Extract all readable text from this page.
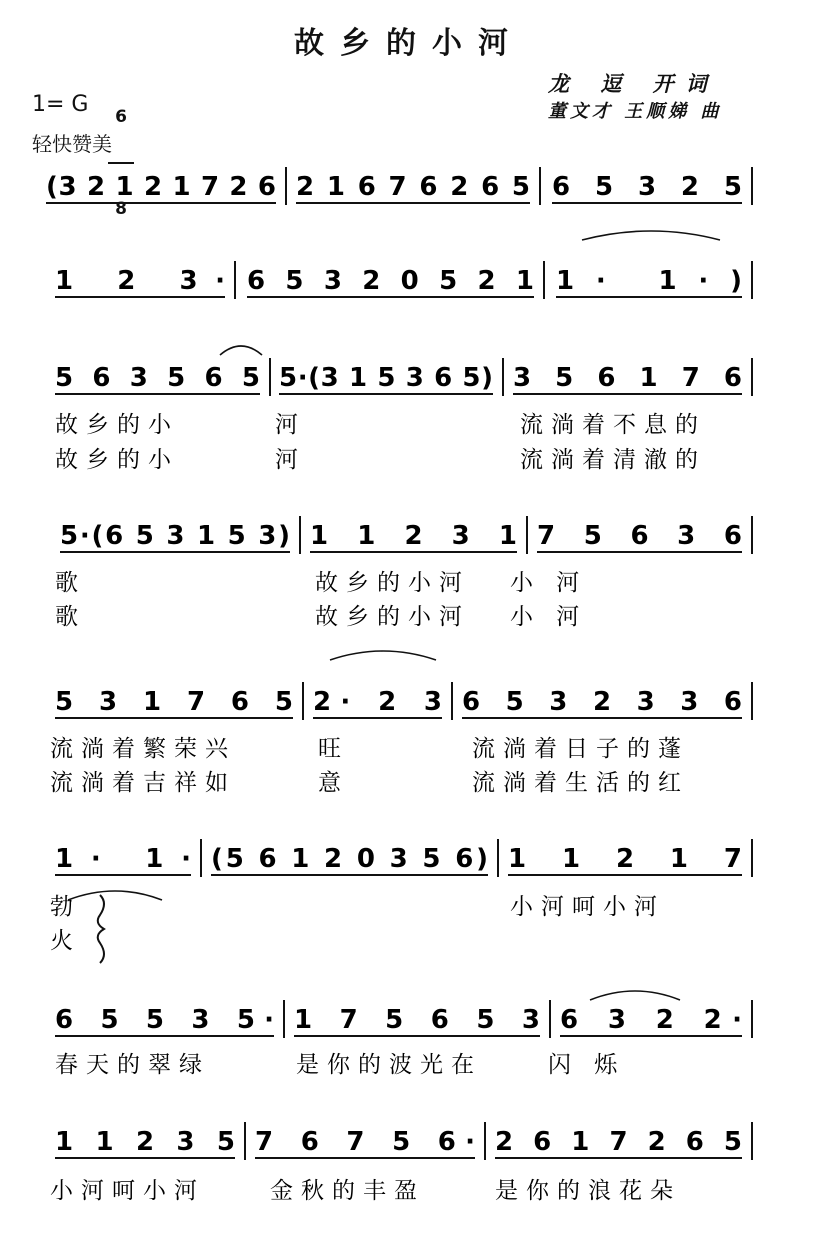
故乡的小河
1= G

	6

8

轻快赞美
龙 逗 开词
董文才 王顺娣 曲
(3 2 1 2 1 7 2 6 2 1 6 7 6 2 6 5 6 5 3 2 5
1 2 3· 6 5 3 2 0 5 2 1 1· 1·)
5 6 3 5 6 5 5·(3 1 5 3 6 5) 3 5 6 1 7 6
故乡的小	河	流淌着不息的
故乡的小	河	流淌着清澈的
5·(6 5 3 1 5 3) 1 1 2 3 1 7 5 6 3 6
歌	故乡的小河 小 河
歌	故乡的小河 小 河
5 3 1 7 6 5 2· 2 3 6 5 3 2 3 3 6
流淌着繁荣兴	旺	流淌着日子的蓬
流淌着吉祥如	意	流淌着生活的红
1· 1· (5 6 1 2 0 3 5 6) 1 1 2 1 7
勃	小河呵小河
火
6 5 5 3 5· 1 7 5 6 5 3 6 3 2 2·
春天的翠绿	是你的波光在	闪 烁
1 1 2 3 5 7 6 7 5 6· 2 6 1 7 2 6 5
小河呵小河	金秋的丰盈	是你的浪花朵
